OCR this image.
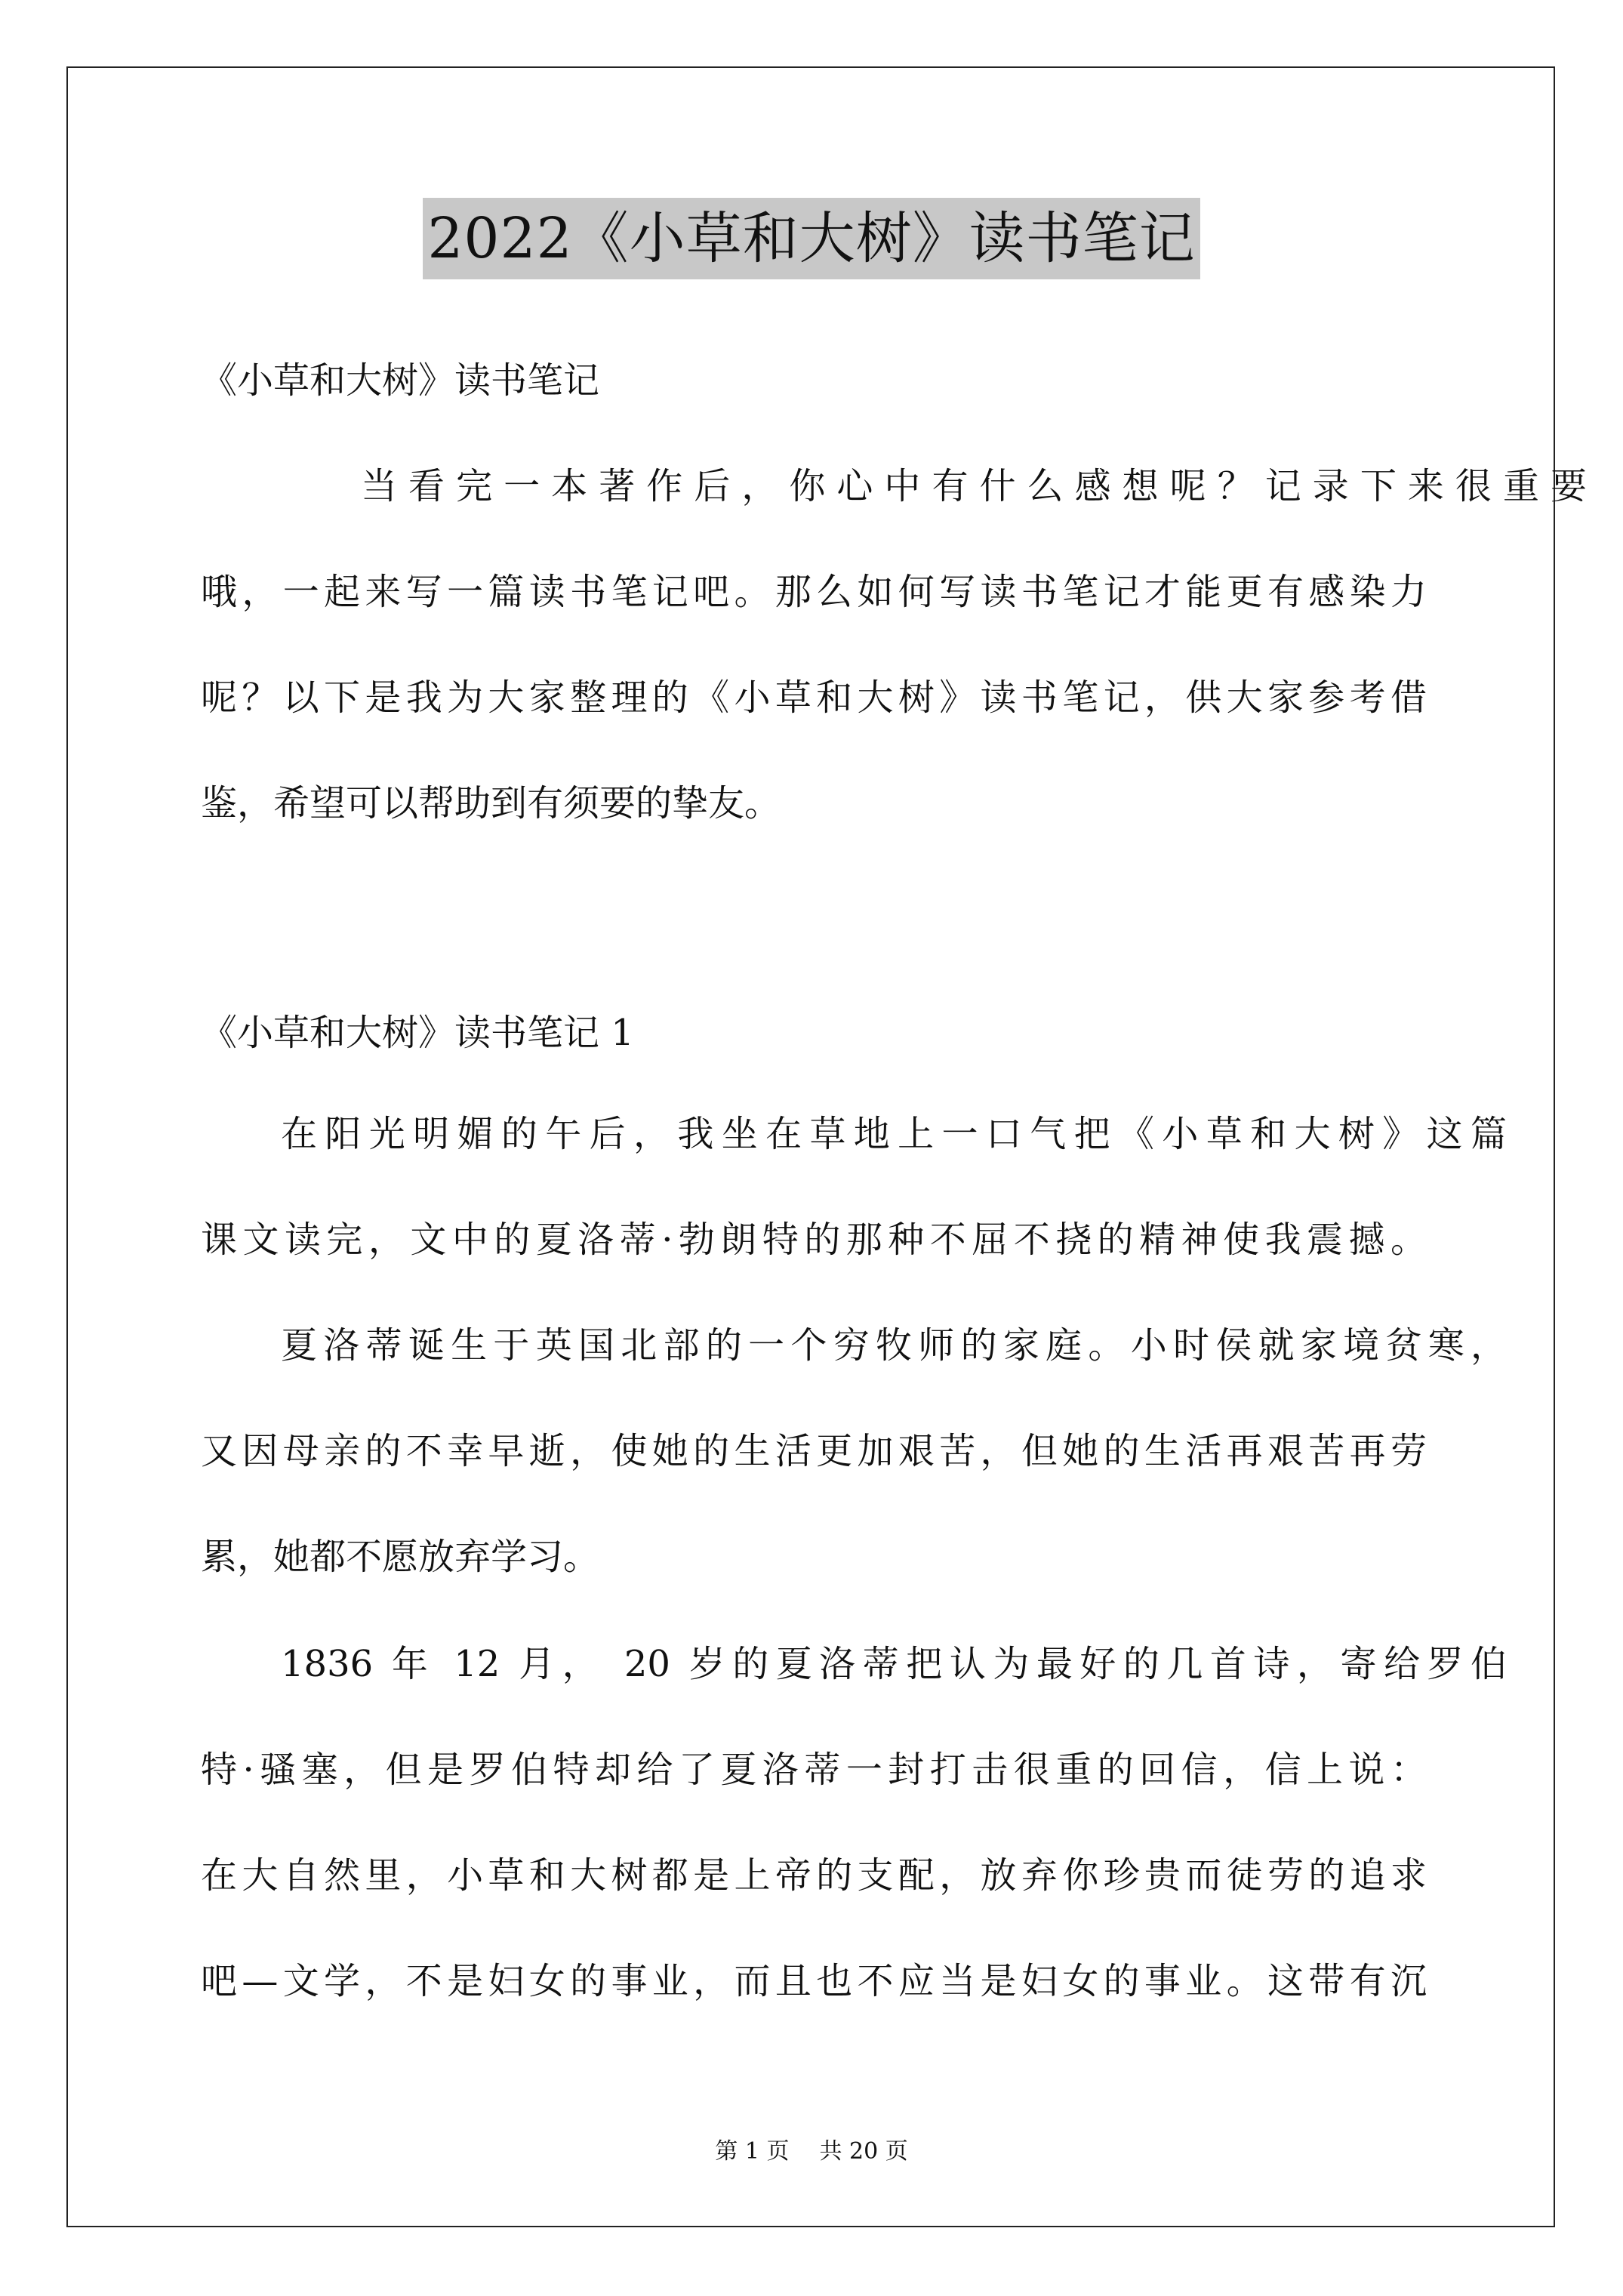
2022《小草和大树》读书笔记
《小草和大树》读书笔记
当看完一本著作后，你心中有什么感想呢？记录下来很重要
哦，一起来写一篇读书笔记吧。那么如何写读书笔记才能更有感染力
呢？以下是我为大家整理的《小草和大树》读书笔记，供大家参考借
鉴，希望可以帮助到有须要的挚友。
《小草和大树》读书笔记 1
在阳光明媚的午后，我坐在草地上一口气把《小草和大树》这篇
课文读完，文中的夏洛蒂·勃朗特的那种不屈不挠的精神使我震撼。
夏洛蒂诞生于英国北部的一个穷牧师的家庭。小时侯就家境贫寒，
又因母亲的不幸早逝，使她的生活更加艰苦，但她的生活再艰苦再劳
累，她都不愿放弃学习。
1836 年 12 月， 20 岁的夏洛蒂把认为最好的几首诗，寄给罗伯
特·骚塞，但是罗伯特却给了夏洛蒂一封打击很重的回信，信上说：
在大自然里，小草和大树都是上帝的支配，放弃你珍贵而徒劳的追求
吧—文学，不是妇女的事业，而且也不应当是妇女的事业。这带有沉
第 1 页 共 20 页
